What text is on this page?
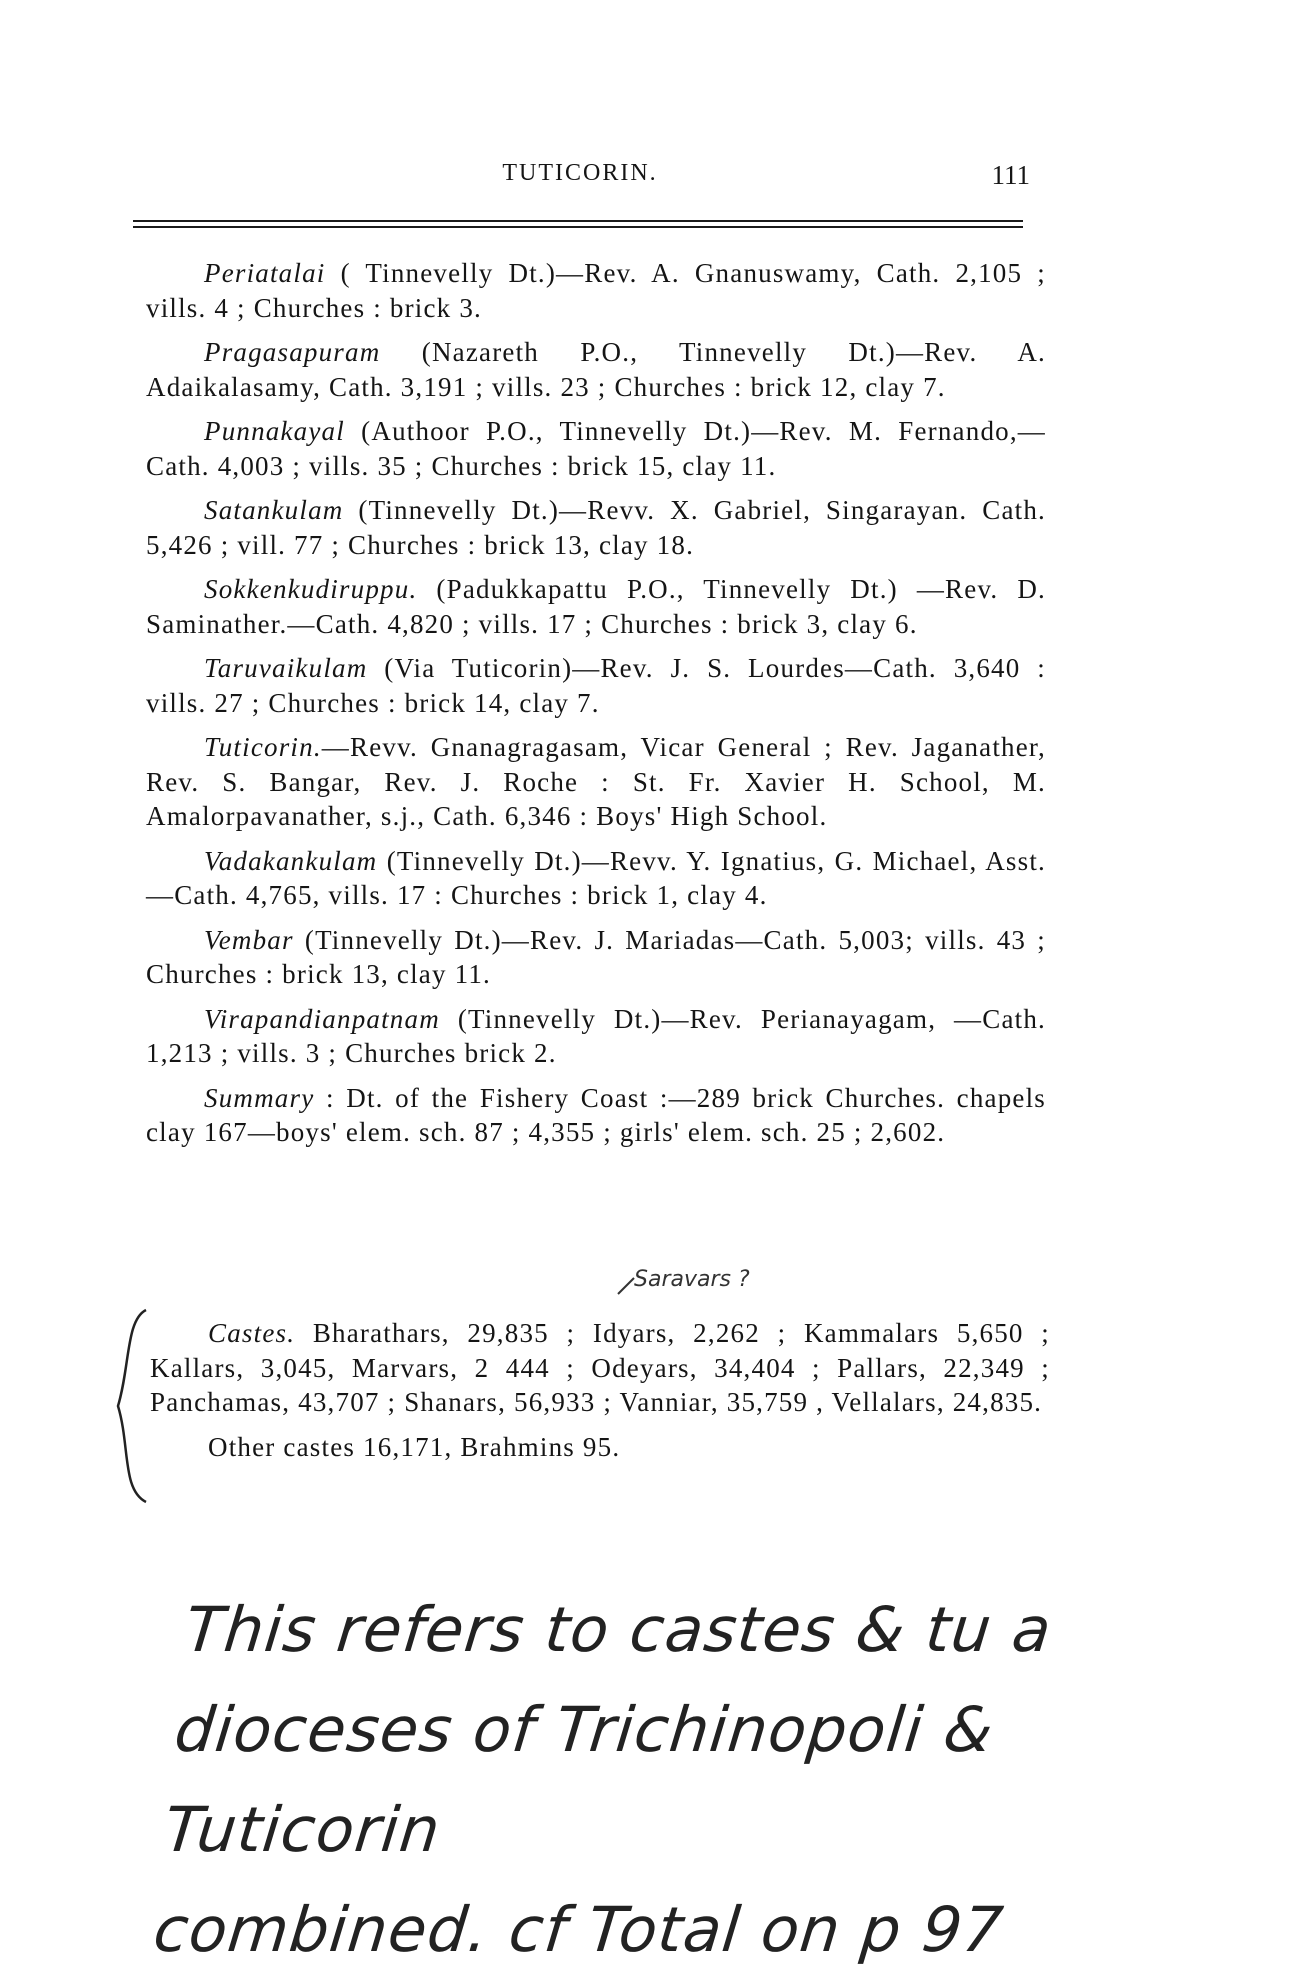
TUTICORIN.	111

Periatalai ( Tinnevelly Dt.)—Rev. A. Gnanuswamy, Cath. 2,105 ; vills. 4 ; Churches : brick 3.

Pragasapuram (Nazareth P.O., Tinnevelly Dt.)—Rev. A. Adaikalasamy, Cath. 3,191 ; vills. 23 ; Churches : brick 12, clay 7.

Punnakayal (Authoor P.O., Tinnevelly Dt.)—Rev. M. Fernando,—Cath. 4,003 ; vills. 35 ; Churches : brick 15, clay 11.

Satankulam (Tinnevelly Dt.)—Revv. X. Gabriel, Singarayan. Cath. 5,426 ; vill. 77 ; Churches : brick 13, clay 18.

Sokkenkudiruppu. (Padukkapattu P.O., Tinnevelly Dt.) —Rev. D. Saminather.—Cath. 4,820 ; vills. 17 ; Churches : brick 3, clay 6.

Taruvaikulam (Via Tuticorin)—Rev. J. S. Lourdes—Cath. 3,640 : vills. 27 ; Churches : brick 14, clay 7.

Tuticorin.—Revv. Gnanagragasam, Vicar General ; Rev. Jaganather, Rev. S. Bangar, Rev. J. Roche : St. Fr. Xavier H. School, M. Amalorpavanather, s.j., Cath. 6,346 : Boys' High School.

Vadakankulam (Tinnevelly Dt.)—Revv. Y. Ignatius, G. Michael, Asst.—Cath. 4,765, vills. 17 : Churches : brick 1, clay 4.

Vembar (Tinnevelly Dt.)—Rev. J. Mariadas—Cath. 5,003; vills. 43 ; Churches : brick 13, clay 11.

Virapandianpatnam (Tinnevelly Dt.)—Rev. Perianayagam, —Cath. 1,213 ; vills. 3 ; Churches brick 2.

Summary : Dt. of the Fishery Coast :—289 brick Churches. chapels clay 167—boys' elem. sch. 87 ; 4,355 ; girls' elem. sch. 25 ; 2,602.

Saravars ?

Castes. Bharathars, 29,835 ; Idyars, 2,262 ; Kammalars 5,650 ; Kallars, 3,045, Marvars, 2 444 ; Odeyars, 34,404 ; Pallars, 22,349 ; Panchamas, 43,707 ; Shanars, 56,933 ; Vanniar, 35,759 , Vellalars, 24,835.

Other castes 16,171, Brahmins 95.

This refers to castes & tu a
dioceses of Trichinopoli & Tuticorin
combined. cf Total on p 97
